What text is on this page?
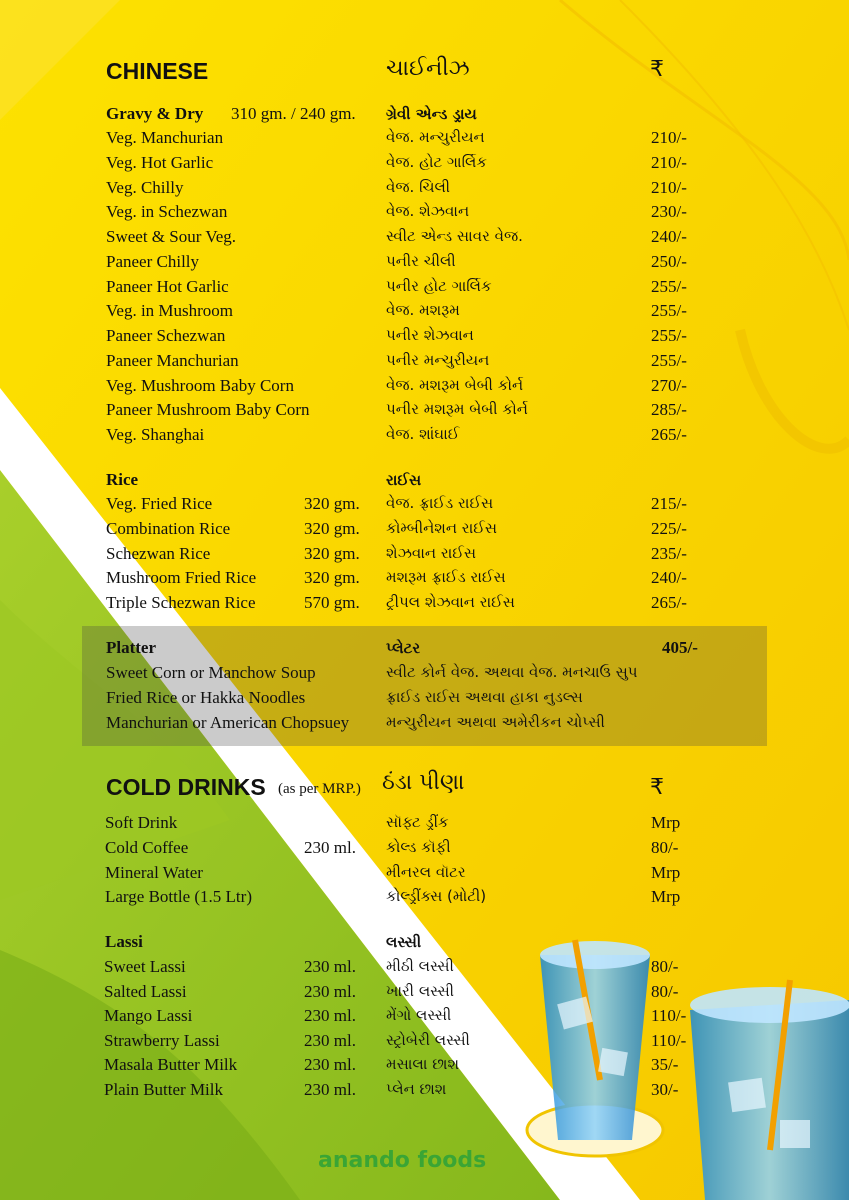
CHINESE	ચાઈનીઝ	₹
Gravy & Dry 310 gm. / 240 gm. ગ્રેવી એન્ડ ડ્રાય
Veg. Manchurian	વેજ. મન્ચુરીયન	210/-
Veg. Hot Garlic	વેજ. હોટ ગાર્લિક	210/-
Veg. Chilly	વેજ. ચિલી	210/-
Veg. in Schezwan	વેજ. શેઝવાન	230/-
Sweet & Sour Veg.	સ્વીટ એન્ડ સાવર વેજ.	240/-
Paneer Chilly	પનીર ચીલી	250/-
Paneer Hot Garlic	પનીર હોટ ગાર્લિક	255/-
Veg. in Mushroom	વેજ. મશરૂમ	255/-
Paneer Schezwan	પનીર શેઝવાન	255/-
Paneer Manchurian	પનીર મન્ચુરીયન	255/-
Veg. Mushroom Baby Corn	વેજ. મશરૂમ બેબી કોર્ન	270/-
Paneer Mushroom Baby Corn	પનીર મશરૂમ બેબી કોર્ન	285/-
Veg. Shanghai	વેજ. શાંઘાઈ	265/-
Rice	રાઈસ
Veg. Fried Rice	320 gm. વેજ. ફ્રાઈડ રાઈસ	215/-
Combination Rice	320 gm. કોમ્બીનેશન રાઈસ	225/-
Schezwan Rice	320 gm. શેઝવાન રાઈસ	235/-
Mushroom Fried Rice	320 gm. મશરૂમ ફ્રાઈડ રાઈસ	240/-
Triple Schezwan Rice	570 gm. ટ્રીપલ શેઝવાન રાઈસ	265/-
Platter	પ્લેટર	405/-
Sweet Corn or Manchow Soup	સ્વીટ કોર્ન વેજ. અથવા વેજ. મનચાઉ સુપ
Fried Rice or Hakka Noodles	ફ્રાઈડ રાઈસ અથવા હાકા નુડલ્સ
Manchurian or American Chopsuey મન્ચુરીયન અથવા અમેરીકન ચોપ્સી
COLD DRINKS (as per MRP.) ઠંડા પીણા	₹
Soft Drink	સૉફ્ટ ડ્રીંક	Mrp
Cold Coffee	230 ml. કોલ્ડ કૉફી	80/-
Mineral Water	મીનરલ વૉટર	Mrp
Large Bottle (1.5 Ltr)	કોલ્ડ્રીંક્સ (મોટી)	Mrp
Lassi	લસ્સી
Sweet Lassi	230 ml. મીઠી લસ્સી	80/-
Salted Lassi	230 ml. ખારી લસ્સી	80/-
Mango Lassi	230 ml. મેંગો લસ્સી	110/-
Strawberry Lassi	230 ml. સ્ટ્રોબેરી લસ્સી	110/-
Masala Butter Milk	230 ml. મસાલા છાશ	35/-
Plain Butter Milk	230 ml. પ્લેન છાશ	30/-
anando foods
